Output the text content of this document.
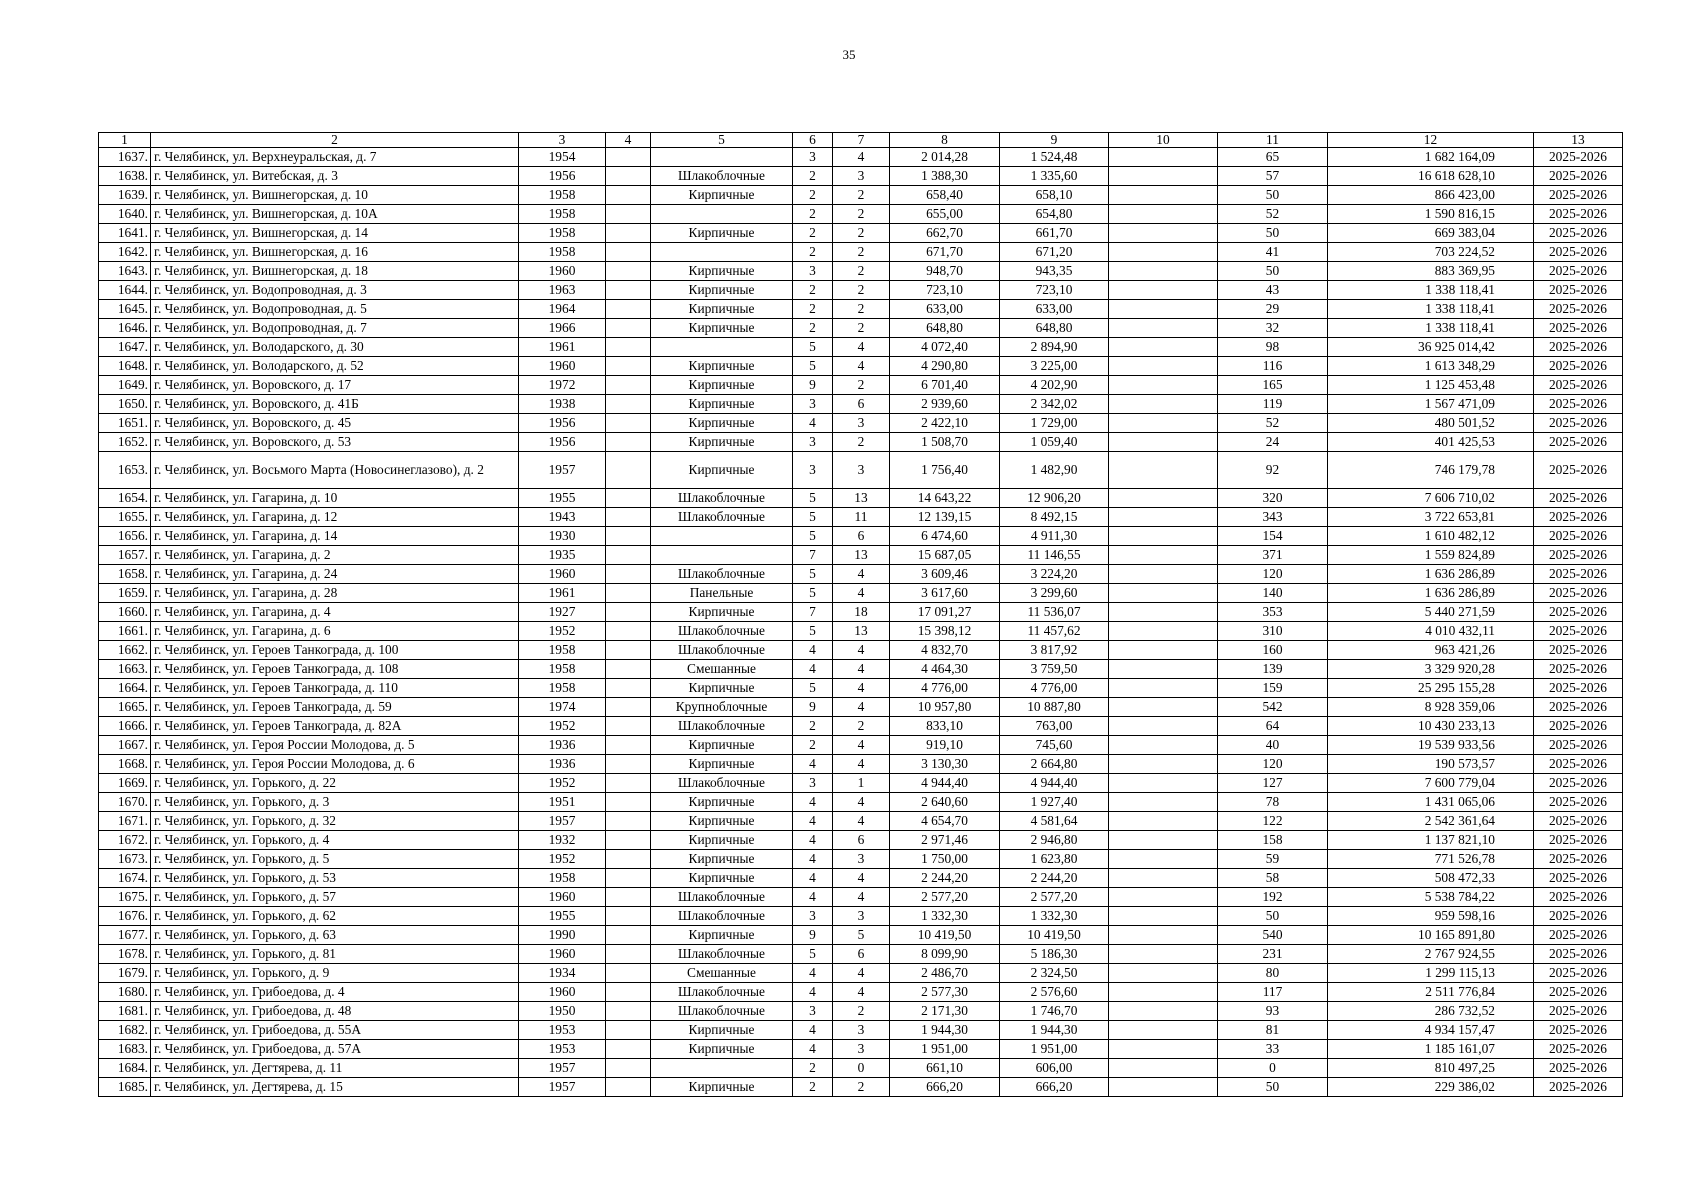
35
1	2	3	4	5	6	7	8	9	10	11	12	13
1637.	г. Челябинск, ул. Верхнеуральская, д. 7	1954			3	4	2 014,28	1 524,48		65	1 682 164,09	2025-2026
1638.	г. Челябинск, ул. Витебская, д. 3	1956		Шлакоблочные	2	3	1 388,30	1 335,60		57	16 618 628,10	2025-2026
1639.	г. Челябинск, ул. Вишнегорская, д. 10	1958		Кирпичные	2	2	658,40	658,10		50	866 423,00	2025-2026
1640.	г. Челябинск, ул. Вишнегорская, д. 10А	1958			2	2	655,00	654,80		52	1 590 816,15	2025-2026
1641.	г. Челябинск, ул. Вишнегорская, д. 14	1958		Кирпичные	2	2	662,70	661,70		50	669 383,04	2025-2026
1642.	г. Челябинск, ул. Вишнегорская, д. 16	1958			2	2	671,70	671,20		41	703 224,52	2025-2026
1643.	г. Челябинск, ул. Вишнегорская, д. 18	1960		Кирпичные	3	2	948,70	943,35		50	883 369,95	2025-2026
1644.	г. Челябинск, ул. Водопроводная, д. 3	1963		Кирпичные	2	2	723,10	723,10		43	1 338 118,41	2025-2026
1645.	г. Челябинск, ул. Водопроводная, д. 5	1964		Кирпичные	2	2	633,00	633,00		29	1 338 118,41	2025-2026
1646.	г. Челябинск, ул. Водопроводная, д. 7	1966		Кирпичные	2	2	648,80	648,80		32	1 338 118,41	2025-2026
1647.	г. Челябинск, ул. Володарского, д. 30	1961			5	4	4 072,40	2 894,90		98	36 925 014,42	2025-2026
1648.	г. Челябинск, ул. Володарского, д. 52	1960		Кирпичные	5	4	4 290,80	3 225,00		116	1 613 348,29	2025-2026
1649.	г. Челябинск, ул. Воровского, д. 17	1972		Кирпичные	9	2	6 701,40	4 202,90		165	1 125 453,48	2025-2026
1650.	г. Челябинск, ул. Воровского, д. 41Б	1938		Кирпичные	3	6	2 939,60	2 342,02		119	1 567 471,09	2025-2026
1651.	г. Челябинск, ул. Воровского, д. 45	1956		Кирпичные	4	3	2 422,10	1 729,00		52	480 501,52	2025-2026
1652.	г. Челябинск, ул. Воровского, д. 53	1956		Кирпичные	3	2	1 508,70	1 059,40		24	401 425,53	2025-2026
1653.	г. Челябинск, ул. Восьмого Марта (Новосинеглазово), д. 2	1957		Кирпичные	3	3	1 756,40	1 482,90		92	746 179,78	2025-2026
1654.	г. Челябинск, ул. Гагарина, д. 10	1955		Шлакоблочные	5	13	14 643,22	12 906,20		320	7 606 710,02	2025-2026
1655.	г. Челябинск, ул. Гагарина, д. 12	1943		Шлакоблочные	5	11	12 139,15	8 492,15		343	3 722 653,81	2025-2026
1656.	г. Челябинск, ул. Гагарина, д. 14	1930			5	6	6 474,60	4 911,30		154	1 610 482,12	2025-2026
1657.	г. Челябинск, ул. Гагарина, д. 2	1935			7	13	15 687,05	11 146,55		371	1 559 824,89	2025-2026
1658.	г. Челябинск, ул. Гагарина, д. 24	1960		Шлакоблочные	5	4	3 609,46	3 224,20		120	1 636 286,89	2025-2026
1659.	г. Челябинск, ул. Гагарина, д. 28	1961		Панельные	5	4	3 617,60	3 299,60		140	1 636 286,89	2025-2026
1660.	г. Челябинск, ул. Гагарина, д. 4	1927		Кирпичные	7	18	17 091,27	11 536,07		353	5 440 271,59	2025-2026
1661.	г. Челябинск, ул. Гагарина, д. 6	1952		Шлакоблочные	5	13	15 398,12	11 457,62		310	4 010 432,11	2025-2026
1662.	г. Челябинск, ул. Героев Танкограда, д. 100	1958		Шлакоблочные	4	4	4 832,70	3 817,92		160	963 421,26	2025-2026
1663.	г. Челябинск, ул. Героев Танкограда, д. 108	1958		Смешанные	4	4	4 464,30	3 759,50		139	3 329 920,28	2025-2026
1664.	г. Челябинск, ул. Героев Танкограда, д. 110	1958		Кирпичные	5	4	4 776,00	4 776,00		159	25 295 155,28	2025-2026
1665.	г. Челябинск, ул. Героев Танкограда, д. 59	1974		Крупноблочные	9	4	10 957,80	10 887,80		542	8 928 359,06	2025-2026
1666.	г. Челябинск, ул. Героев Танкограда, д. 82А	1952		Шлакоблочные	2	2	833,10	763,00		64	10 430 233,13	2025-2026
1667.	г. Челябинск, ул. Героя России Молодова, д. 5	1936		Кирпичные	2	4	919,10	745,60		40	19 539 933,56	2025-2026
1668.	г. Челябинск, ул. Героя России Молодова, д. 6	1936		Кирпичные	4	4	3 130,30	2 664,80		120	190 573,57	2025-2026
1669.	г. Челябинск, ул. Горького, д. 22	1952		Шлакоблочные	3	1	4 944,40	4 944,40		127	7 600 779,04	2025-2026
1670.	г. Челябинск, ул. Горького, д. 3	1951		Кирпичные	4	4	2 640,60	1 927,40		78	1 431 065,06	2025-2026
1671.	г. Челябинск, ул. Горького, д. 32	1957		Кирпичные	4	4	4 654,70	4 581,64		122	2 542 361,64	2025-2026
1672.	г. Челябинск, ул. Горького, д. 4	1932		Кирпичные	4	6	2 971,46	2 946,80		158	1 137 821,10	2025-2026
1673.	г. Челябинск, ул. Горького, д. 5	1952		Кирпичные	4	3	1 750,00	1 623,80		59	771 526,78	2025-2026
1674.	г. Челябинск, ул. Горького, д. 53	1958		Кирпичные	4	4	2 244,20	2 244,20		58	508 472,33	2025-2026
1675.	г. Челябинск, ул. Горького, д. 57	1960		Шлакоблочные	4	4	2 577,20	2 577,20		192	5 538 784,22	2025-2026
1676.	г. Челябинск, ул. Горького, д. 62	1955		Шлакоблочные	3	3	1 332,30	1 332,30		50	959 598,16	2025-2026
1677.	г. Челябинск, ул. Горького, д. 63	1990		Кирпичные	9	5	10 419,50	10 419,50		540	10 165 891,80	2025-2026
1678.	г. Челябинск, ул. Горького, д. 81	1960		Шлакоблочные	5	6	8 099,90	5 186,30		231	2 767 924,55	2025-2026
1679.	г. Челябинск, ул. Горького, д. 9	1934		Смешанные	4	4	2 486,70	2 324,50		80	1 299 115,13	2025-2026
1680.	г. Челябинск, ул. Грибоедова, д. 4	1960		Шлакоблочные	4	4	2 577,30	2 576,60		117	2 511 776,84	2025-2026
1681.	г. Челябинск, ул. Грибоедова, д. 48	1950		Шлакоблочные	3	2	2 171,30	1 746,70		93	286 732,52	2025-2026
1682.	г. Челябинск, ул. Грибоедова, д. 55А	1953		Кирпичные	4	3	1 944,30	1 944,30		81	4 934 157,47	2025-2026
1683.	г. Челябинск, ул. Грибоедова, д. 57А	1953		Кирпичные	4	3	1 951,00	1 951,00		33	1 185 161,07	2025-2026
1684.	г. Челябинск, ул. Дегтярева, д. 11	1957			2	0	661,10	606,00		0	810 497,25	2025-2026
1685.	г. Челябинск, ул. Дегтярева, д. 15	1957		Кирпичные	2	2	666,20	666,20		50	229 386,02	2025-2026
